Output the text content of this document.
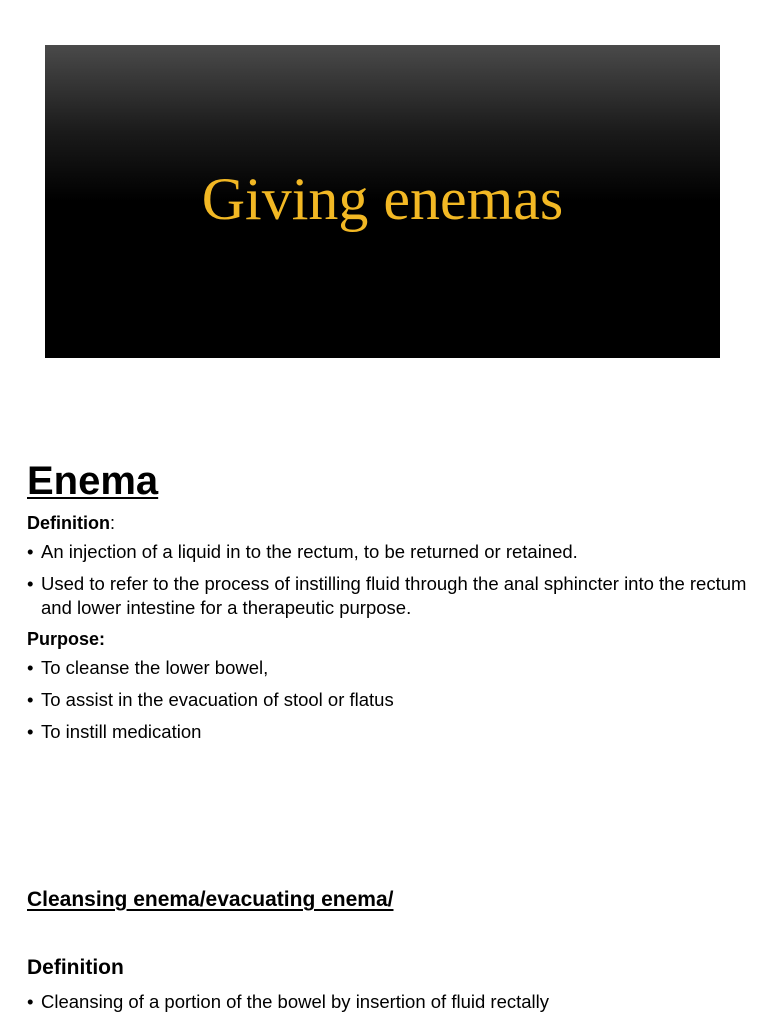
Giving enemas
Enema
Definition:
• An injection of a liquid in to the rectum, to be returned or retained.
• Used to refer to the process of instilling fluid through the anal sphincter into the rectum and lower intestine for a therapeutic purpose.
Purpose:
• To cleanse the lower bowel,
• To assist in the evacuation of stool or flatus
• To instill medication
Cleansing enema/evacuating enema/
Definition
• Cleansing of a portion of the bowel by insertion of fluid rectally
